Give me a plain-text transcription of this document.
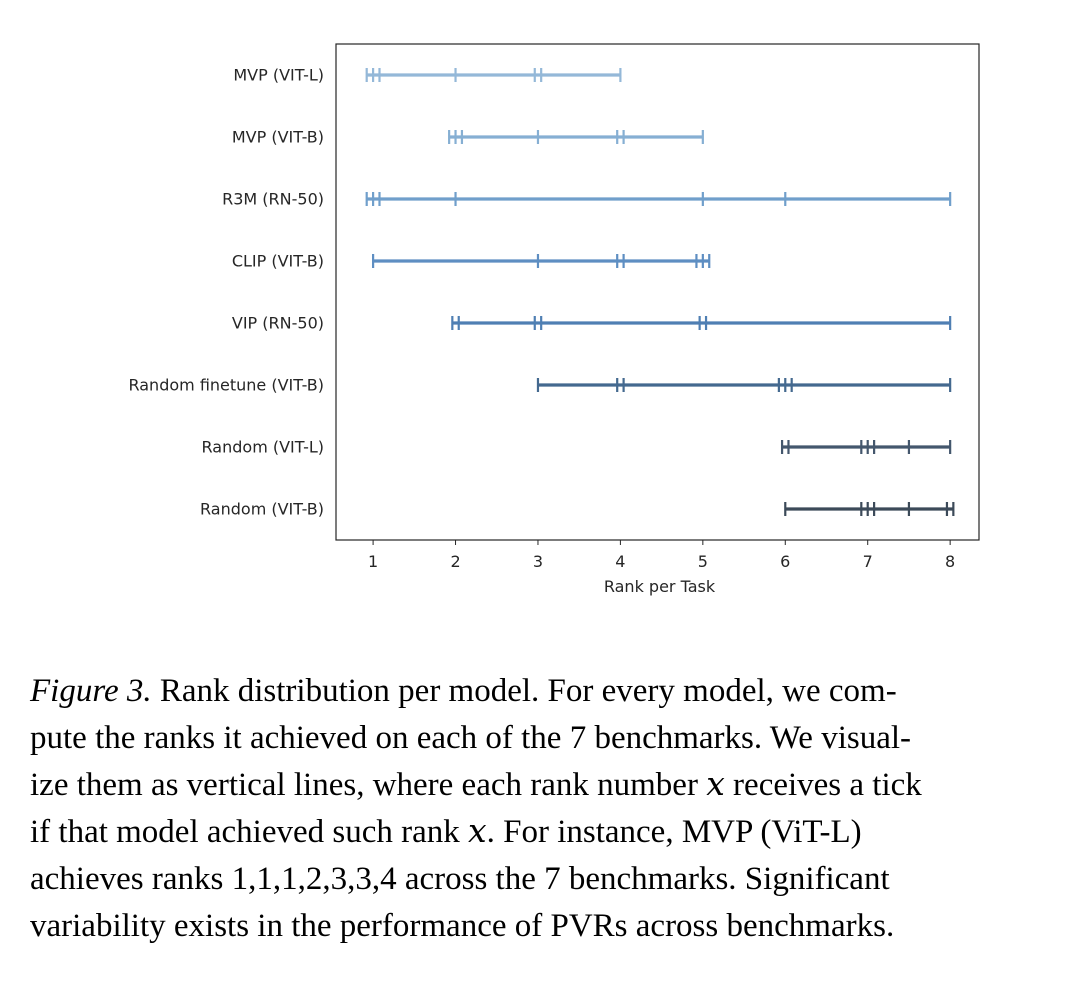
MVP (VIT-L)
MVP (VIT-B)
R3M (RN-50)
CLIP (VIT-B)
VIP (RN-50)
Random finetune (VIT-B)
Random (VIT-L)
Random (VIT-B)
1	2	3	4	5	6	7	8
Rank per Task

Figure 3. Rank distribution per model. For every model, we com-
pute the ranks it achieved on each of the 7 benchmarks. We visual-
ize them as vertical lines, where each rank number 𝑥 receives a tick
if that model achieved such rank 𝑥. For instance, MVP (ViT-L)
achieves ranks 1,1,1,2,3,3,4 across the 7 benchmarks. Significant
variability exists in the performance of PVRs across benchmarks.
